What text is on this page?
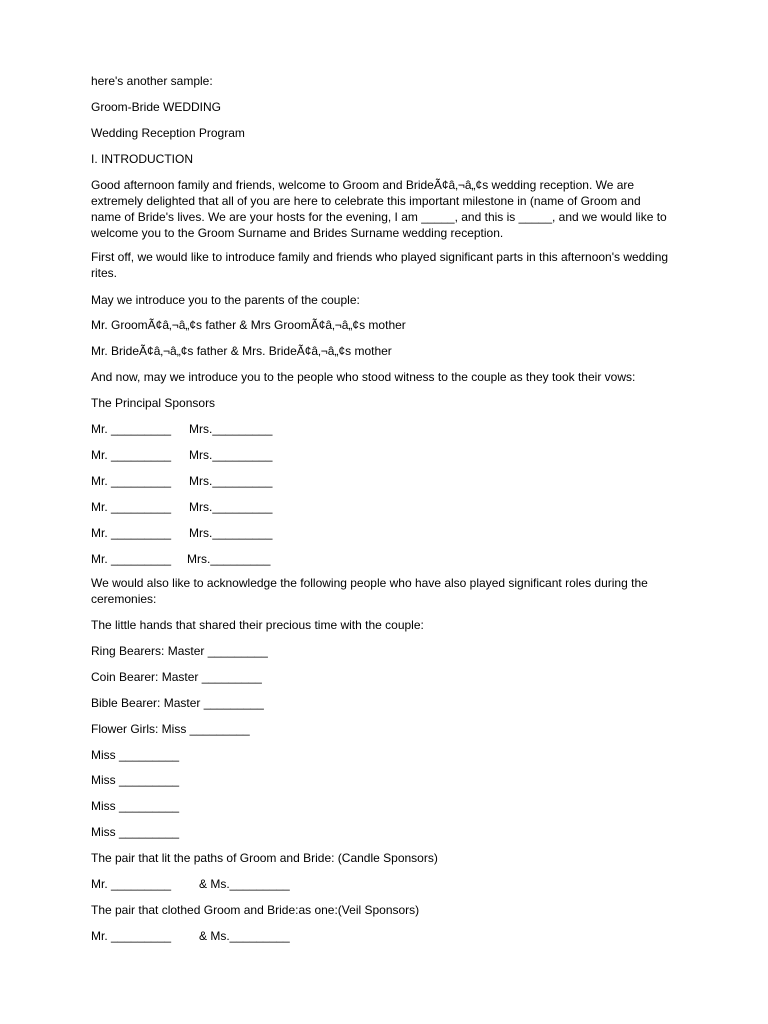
here's another sample:

Groom-Bride WEDDING

Wedding Reception Program

I. INTRODUCTION

Good afternoon family and friends, welcome to Groom and BrideÃ¢â‚¬â„¢s wedding reception. We are extremely delighted that all of you are here to celebrate this important milestone in (name of Groom and name of Bride's lives. We are your hosts for the evening, I am _____, and this is _____, and we would like to welcome you to the Groom Surname and Brides Surname wedding reception.

First off, we would like to introduce family and friends who played significant parts in this afternoon's wedding rites.

May we introduce you to the parents of the couple:

Mr. GroomÃ¢â‚¬â„¢s father & Mrs GroomÃ¢â‚¬â„¢s mother

Mr. BrideÃ¢â‚¬â„¢s father & Mrs. BrideÃ¢â‚¬â„¢s mother

And now, may we introduce you to the people who stood witness to the couple as they took their vows:

The Principal Sponsors

Mr. _________ Mrs._________

Mr. _________ Mrs._________

Mr. _________ Mrs._________

Mr. _________ Mrs._________

Mr. _________ Mrs._________

Mr. _________ Mrs._________

We would also like to acknowledge the following people who have also played significant roles during the ceremonies:

The little hands that shared their precious time with the couple:

Ring Bearers: Master _________

Coin Bearer: Master _________

Bible Bearer: Master _________

Flower Girls: Miss _________

Miss _________

Miss _________

Miss _________

Miss _________

The pair that lit the paths of Groom and Bride: (Candle Sponsors)

Mr. _________ & Ms._________

The pair that clothed Groom and Bride:as one:(Veil Sponsors)

Mr. _________ & Ms._________
